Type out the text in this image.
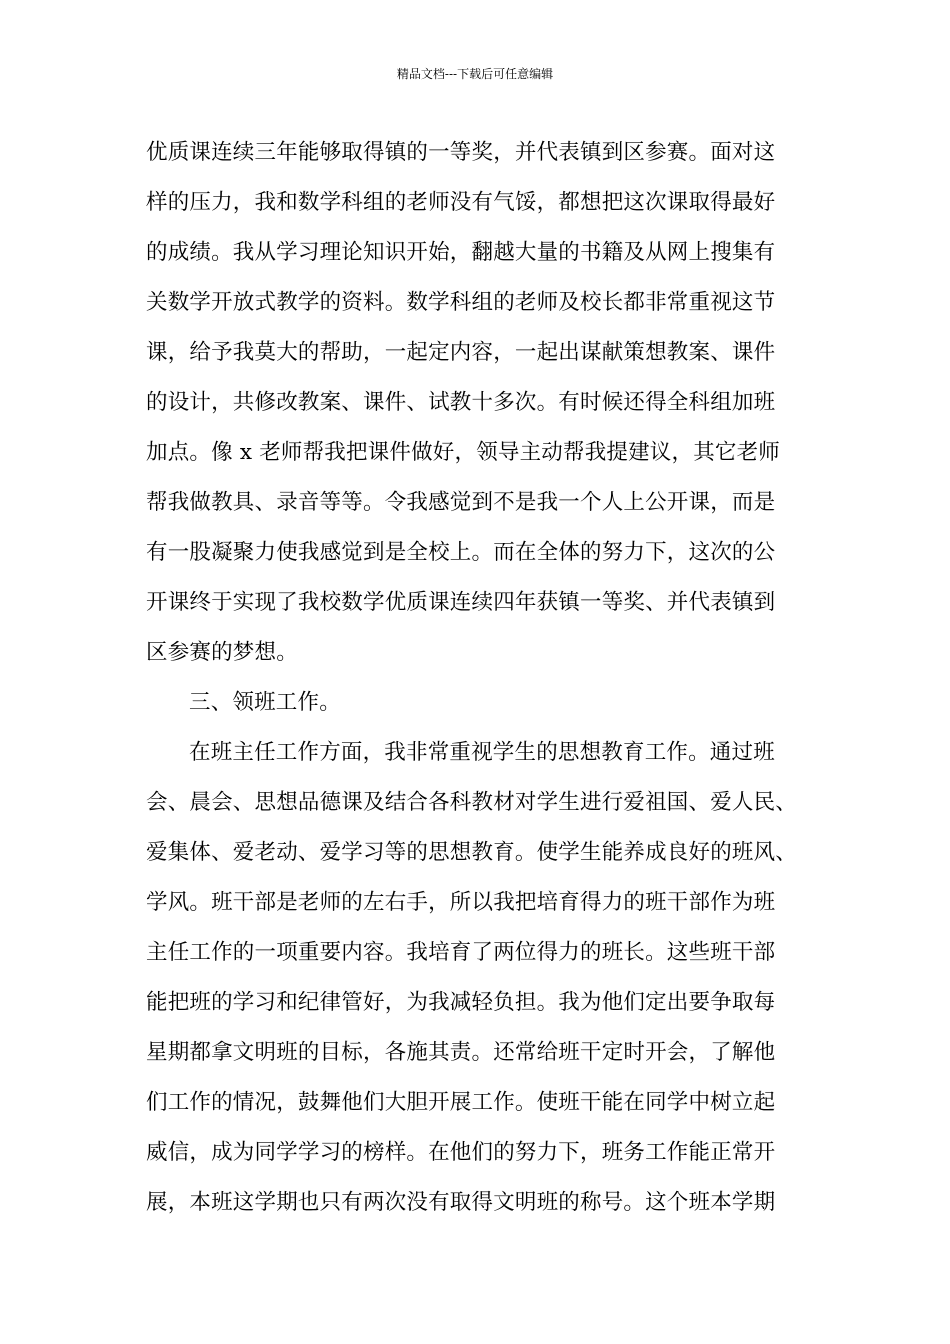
精品文档---下载后可任意编辑
优质课连续三年能够取得镇的一等奖，并代表镇到区参赛。面对这
样的压力，我和数学科组的老师没有气馁，都想把这次课取得最好
的成绩。我从学习理论知识开始，翻越大量的书籍及从网上搜集有
关数学开放式教学的资料。数学科组的老师及校长都非常重视这节
课，给予我莫大的帮助，一起定内容，一起出谋献策想教案、课件
的设计，共修改教案、课件、试教十多次。有时候还得全科组加班
加点。像 x 老师帮我把课件做好，领导主动帮我提建议，其它老师
帮我做教具、录音等等。令我感觉到不是我一个人上公开课，而是
有一股凝聚力使我感觉到是全校上。而在全体的努力下，这次的公
开课终于实现了我校数学优质课连续四年获镇一等奖、并代表镇到
区参赛的梦想。
三、领班工作。
在班主任工作方面，我非常重视学生的思想教育工作。通过班
会、晨会、思想品德课及结合各科教材对学生进行爱祖国、爱人民、
爱集体、爱老动、爱学习等的思想教育。使学生能养成良好的班风、
学风。班干部是老师的左右手，所以我把培育得力的班干部作为班
主任工作的一项重要内容。我培育了两位得力的班长。这些班干部
能把班的学习和纪律管好，为我减轻负担。我为他们定出要争取每
星期都拿文明班的目标，各施其责。还常给班干定时开会，了解他
们工作的情况，鼓舞他们大胆开展工作。使班干能在同学中树立起
威信，成为同学学习的榜样。在他们的努力下，班务工作能正常开
展，本班这学期也只有两次没有取得文明班的称号。这个班本学期
